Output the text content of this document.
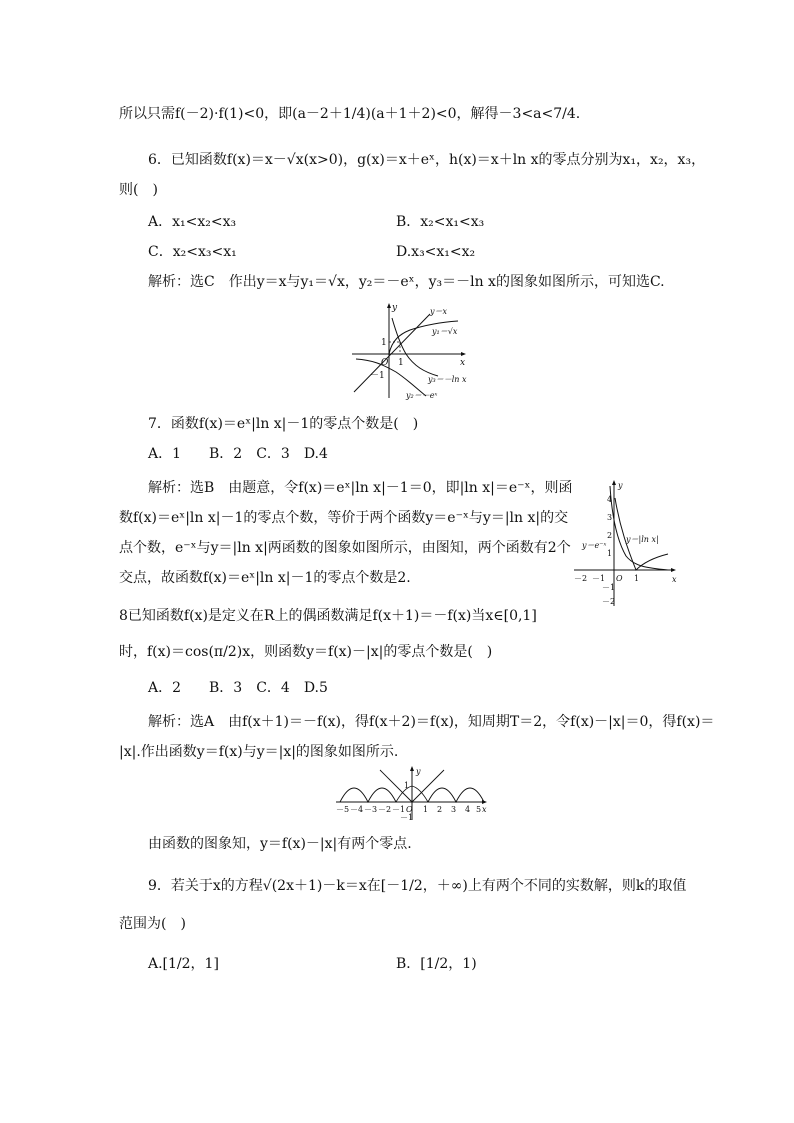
所以只需f(－2)·f(1)<0，即(a－2＋1/4)(a＋1＋2)<0，解得－3<a<7/4.
6．已知函数f(x)＝x－√x(x>0)，g(x)＝x＋eˣ，h(x)＝x＋ln x的零点分别为x₁，x₂，x₃，
则(　)
A．x₁<x₂<x₃	B．x₂<x₁<x₃
C．x₂<x₃<x₁	D.x₃<x₁<x₂
解析：选C　作出y＝x与y₁＝√x，y₂＝－eˣ，y₃＝－ln x的图象如图所示，可知选C.
y
x
O 1
1
－1
y＝x
y₁＝√x
y₃＝－ln x
y₂＝－eˣ
7．函数f(x)＝eˣ|ln x|－1的零点个数是(　)
A．1　　B．2　C．3　D.4
解析：选B　由题意，令f(x)＝eˣ|ln x|－1＝0，即|ln x|＝e⁻ˣ，则函
数f(x)＝eˣ|ln x|－1的零点个数，等价于两个函数y＝e⁻ˣ与y＝|ln x|的交
点个数，e⁻ˣ与y＝|ln x|两函数的图象如图所示，由图知，两个函数有2个
交点，故函数f(x)＝eˣ|ln x|－1的零点个数是2.
y
x
O 1
－2 －1
4
3
2
1
－1
－2
y＝e⁻ˣ
y＝|ln x|
8已知函数f(x)是定义在R上的偶函数满足f(x＋1)＝－f(x)当x∈[0,1]
时，f(x)＝cos(π/2)x，则函数y＝f(x)－|x|的零点个数是(　)
A．2　　B．3　C．4　D.5
解析：选A　由f(x＋1)＝－f(x)，得f(x＋2)＝f(x)，知周期T＝2，令f(x)－|x|＝0，得f(x)＝
|x|.作出函数y＝f(x)与y＝|x|的图象如图所示.
y
x
1
－1
－5 －4 －3 －2 －1 O 1 2 3 4 5
由函数的图象知，y＝f(x)－|x|有两个零点.
9．若关于x的方程√(2x＋1)－k＝x在[－1/2，＋∞)上有两个不同的实数解，则k的取值
范围为(　)
A.[1/2，1]	B．[1/2，1)
